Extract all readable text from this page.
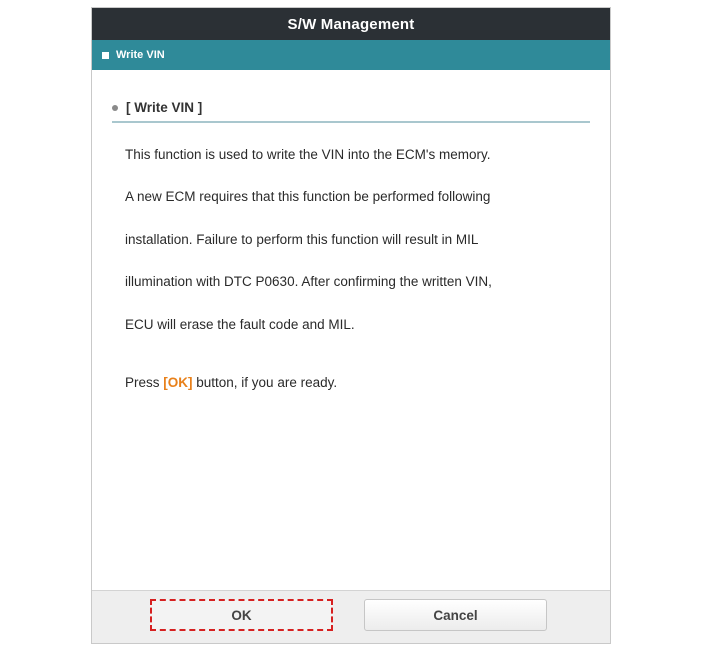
S/W Management
Write VIN
[ Write VIN ]
This function is used to write the VIN into the ECM's memory.
A new ECM requires that this function be performed following
installation. Failure to perform this function will result in MIL
illumination with DTC P0630. After confirming the written VIN,
ECU will erase the fault code and MIL.
Press [OK] button, if you are ready.
OK	Cancel
